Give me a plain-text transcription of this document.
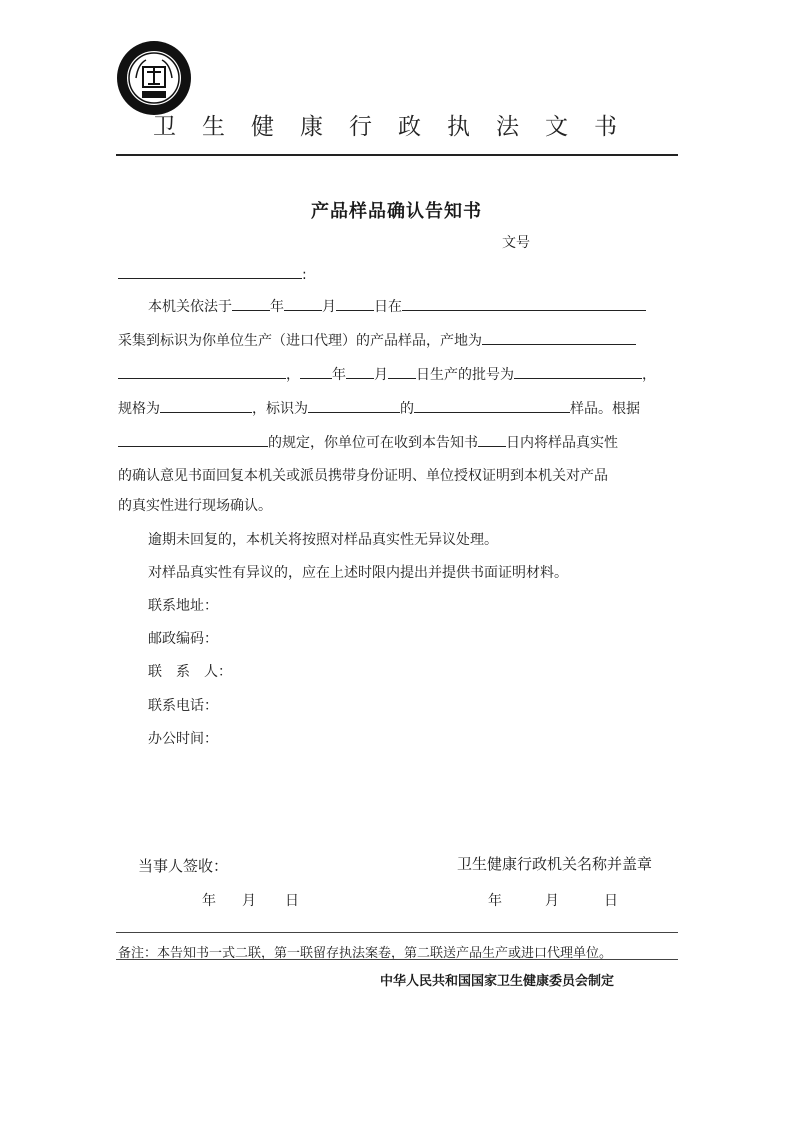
卫生健康行政执法文书
产品样品确认告知书
文号
:
本机关依法于	年	月	日在
采集到标识为你单位生产（进口代理）的产品样品，产地为
， 年 月 日生产的批号为	，
规格为	，标识为	的	样品。根据
的规定，你单位可在收到本告知书 日内将样品真实性
的确认意见书面回复本机关或派员携带身份证明、单位授权证明到本机关对产品
的真实性进行现场确认。
逾期未回复的，本机关将按照对样品真实性无异议处理。
对样品真实性有异议的，应在上述时限内提出并提供书面证明材料。
联系地址：
邮政编码：
联　系　人：
联系电话：
办公时间：
当事人签收：	卫生健康行政机关名称并盖章
年 月 日	年	月	日
备注：本告知书一式二联，第一联留存执法案卷，第二联送产品生产或进口代理单位。
中华人民共和国国家卫生健康委员会制定
